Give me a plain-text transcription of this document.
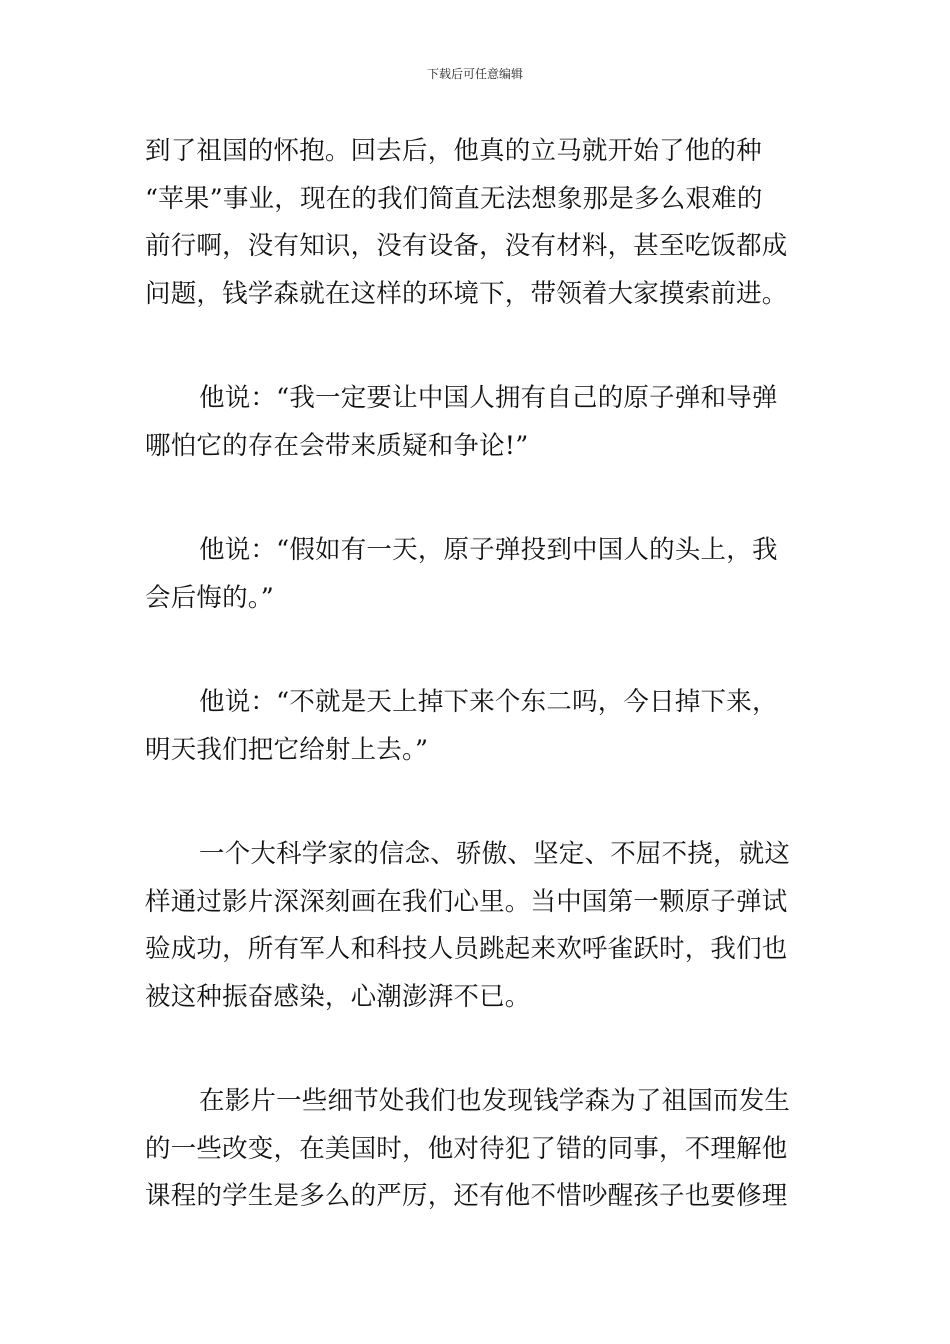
下载后可任意编辑

到了祖国的怀抱。回去后，他真的立马就开始了他的种
“苹果”事业，现在的我们简直无法想象那是多么艰难的
前行啊，没有知识，没有设备，没有材料，甚至吃饭都成
问题，钱学森就在这样的环境下，带领着大家摸索前进。

他说：“我一定要让中国人拥有自己的原子弹和导弹
哪怕它的存在会带来质疑和争论!”

他说：“假如有一天，原子弹投到中国人的头上，我
会后悔的。”

他说：“不就是天上掉下来个东二吗，今日掉下来，
明天我们把它给射上去。”

一个大科学家的信念、骄傲、坚定、不屈不挠，就这
样通过影片深深刻画在我们心里。当中国第一颗原子弹试
验成功，所有军人和科技人员跳起来欢呼雀跃时，我们也
被这种振奋感染，心潮澎湃不已。

在影片一些细节处我们也发现钱学森为了祖国而发生
的一些改变，在美国时，他对待犯了错的同事，不理解他
课程的学生是多么的严厉，还有他不惜吵醒孩子也要修理
